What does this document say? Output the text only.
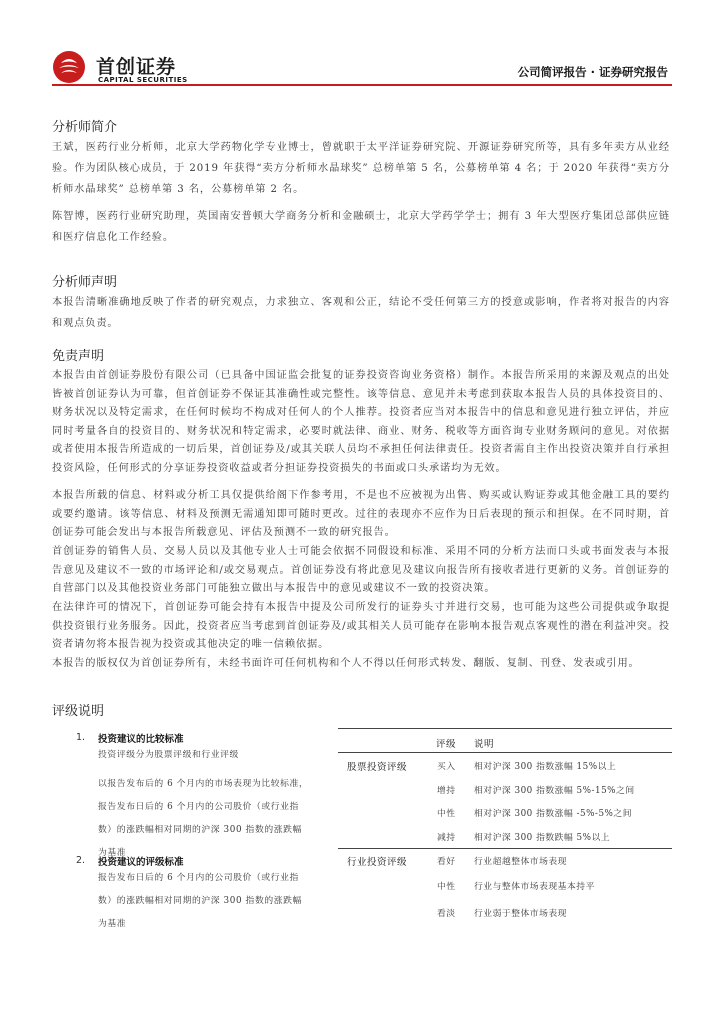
首创证券
CAPITAL SECURITIES
公司简评报告 · 证券研究报告
分析师简介
王斌，医药行业分析师，北京大学药物化学专业博士，曾就职于太平洋证券研究院、开源证券研究所等，具有多年卖方从业经验。作为团队核心成员，于 2019 年获得“卖方分析师水晶球奖” 总榜单第 5 名，公募榜单第 4 名；于 2020 年获得“卖方分析师水晶球奖” 总榜单第 3 名，公募榜单第 2 名。
陈智博，医药行业研究助理，英国南安普顿大学商务分析和金融硕士，北京大学药学学士；拥有 3 年大型医疗集团总部供应链和医疗信息化工作经验。
分析师声明
本报告清晰准确地反映了作者的研究观点，力求独立、客观和公正，结论不受任何第三方的授意或影响，作者将对报告的内容和观点负责。
免责声明
本报告由首创证券股份有限公司（已具备中国证监会批复的证券投资咨询业务资格）制作。本报告所采用的来源及观点的出处皆被首创证券认为可靠，但首创证券不保证其准确性或完整性。该等信息、意见并未考虑到获取本报告人员的具体投资目的、财务状况以及特定需求，在任何时候均不构成对任何人的个人推荐。投资者应当对本报告中的信息和意见进行独立评估，并应同时考量各自的投资目的、财务状况和特定需求，必要时就法律、商业、财务、税收等方面咨询专业财务顾问的意见。对依据或者使用本报告所造成的一切后果，首创证券及/或其关联人员均不承担任何法律责任。投资者需自主作出投资决策并自行承担投资风险，任何形式的分享证券投资收益或者分担证券投资损失的书面或口头承诺均为无效。
本报告所载的信息、材料或分析工具仅提供给阁下作参考用，不是也不应被视为出售、购买或认购证券或其他金融工具的要约或要约邀请。该等信息、材料及预测无需通知即可随时更改。过往的表现亦不应作为日后表现的预示和担保。在不同时期，首创证券可能会发出与本报告所载意见、评估及预测不一致的研究报告。
首创证券的销售人员、交易人员以及其他专业人士可能会依据不同假设和标准、采用不同的分析方法而口头或书面发表与本报告意见及建议不一致的市场评论和/或交易观点。首创证券没有将此意见及建议向报告所有接收者进行更新的义务。首创证券的自营部门以及其他投资业务部门可能独立做出与本报告中的意见或建议不一致的投资决策。
在法律许可的情况下，首创证券可能会持有本报告中提及公司所发行的证券头寸并进行交易，也可能为这些公司提供或争取提供投资银行业务服务。因此，投资者应当考虑到首创证券及/或其相关人员可能存在影响本报告观点客观性的潜在利益冲突。投资者请勿将本报告视为投资或其他决定的唯一信赖依据。
本报告的版权仅为首创证券所有，未经书面许可任何机构和个人不得以任何形式转发、翻版、复制、刊登、发表或引用。
评级说明
1. 投资建议的比较标准
投资评级分为股票评级和行业评级
以报告发布后的 6 个月内的市场表现为比较标准，报告发布日后的 6 个月内的公司股价（或行业指数）的涨跌幅相对同期的沪深 300 指数的涨跌幅为基准
2. 投资建议的评级标准
报告发布日后的 6 个月内的公司股价（或行业指数）的涨跌幅相对同期的沪深 300 指数的涨跌幅为基准
评级 说明
股票投资评级	买入 相对沪深 300 指数涨幅 15%以上
增持 相对沪深 300 指数涨幅 5%-15%之间
中性 相对沪深 300 指数涨幅 -5%-5%之间
减持 相对沪深 300 指数跌幅 5%以上
行业投资评级	看好 行业超越整体市场表现
中性 行业与整体市场表现基本持平
看淡 行业弱于整体市场表现
